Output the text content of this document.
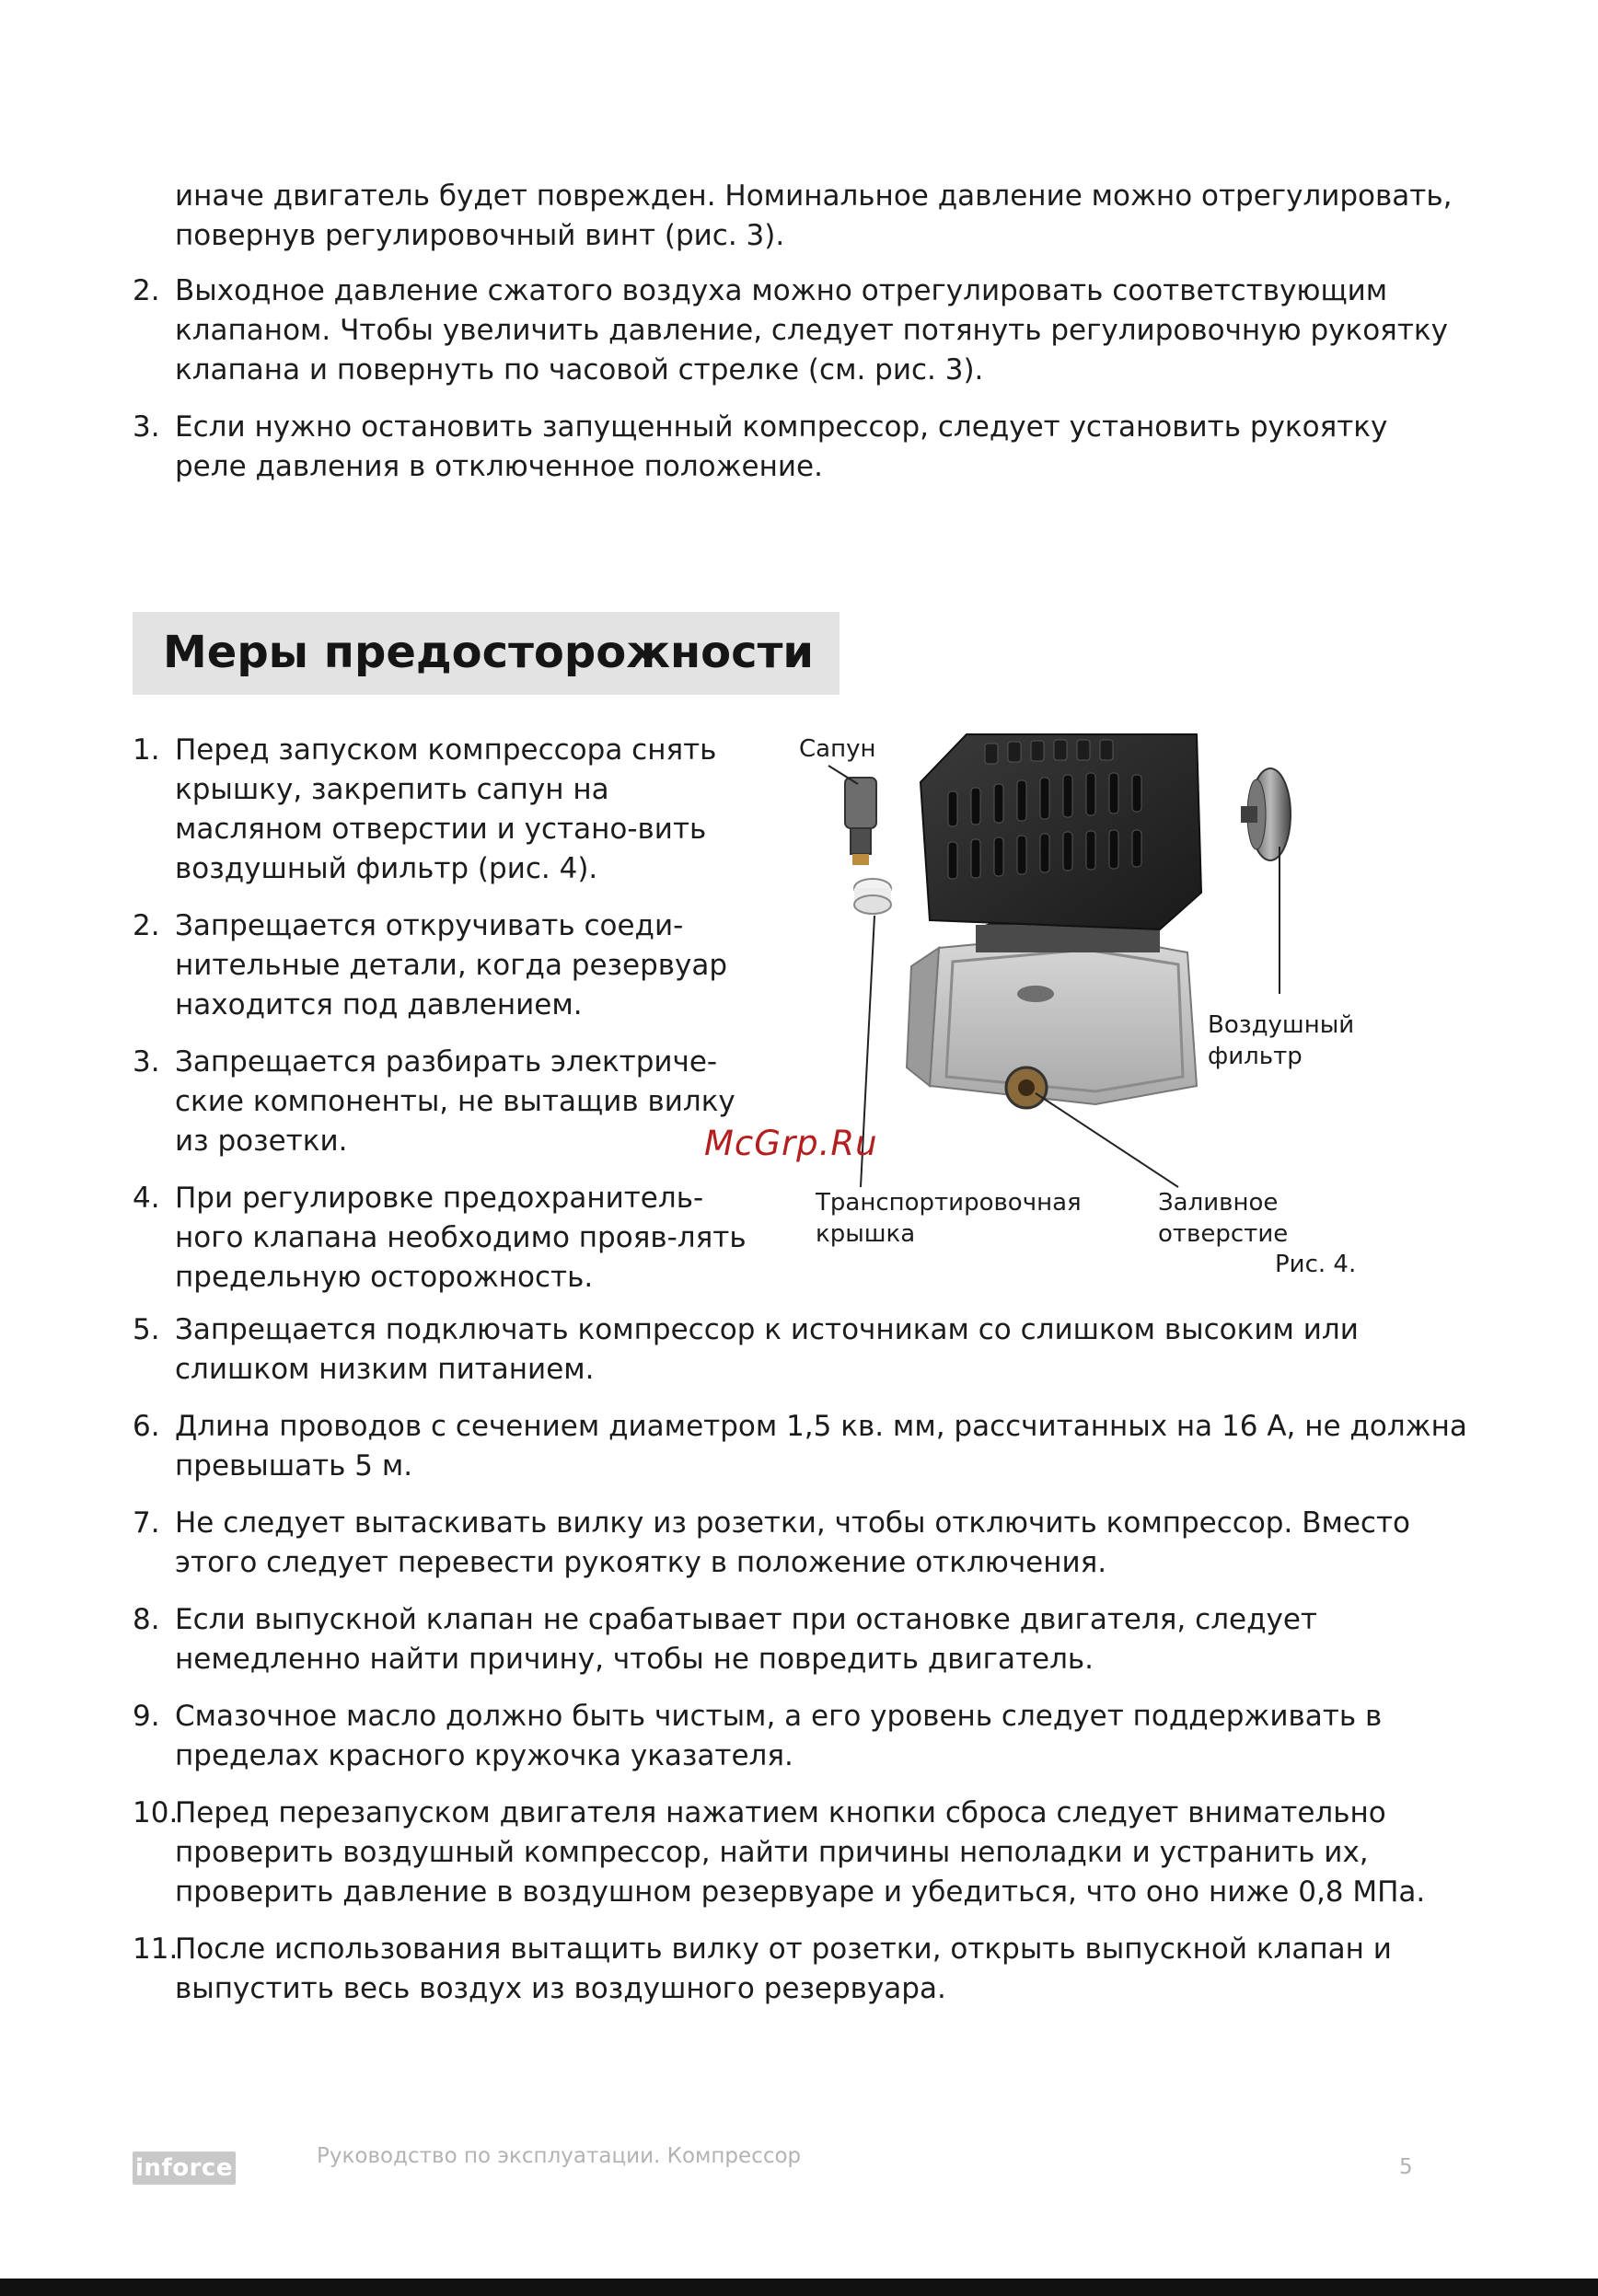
иначе двигатель будет поврежден. Номинальное давление можно отрегулировать, повернув регулировочный винт (рис. 3).
2. Выходное давление сжатого воздуха можно отрегулировать соответствующим клапаном. Чтобы увеличить давление, следует потянуть регулировочную рукоятку клапана и повернуть по часовой стрелке (см. рис. 3).
3. Если нужно остановить запущенный компрессор, следует установить рукоятку реле давления в отключенное положение.
Меры предосторожности
1. Перед запуском компрессора снять крышку, закрепить сапун на масляном отверстии и устано-вить воздушный фильтр (рис. 4).
2. Запрещается откручивать соеди-нительные детали, когда резервуар находится под давлением.
3. Запрещается разбирать электриче-ские компоненты, не вытащив вилку из розетки.
4. При регулировке предохранитель-ного клапана необходимо прояв-лять предельную осторожность.
Сапун
Воздушный
фильтр
Транспортировочная
крышка
Заливное
отверстие
Рис. 4.
McGrp.Ru
5. Запрещается подключать компрессор к источникам со слишком высоким или слишком низким питанием.
6. Длина проводов с сечением диаметром 1,5 кв. мм, рассчитанных на 16 А, не должна превышать 5 м.
7. Не следует вытаскивать вилку из розетки, чтобы отключить компрессор. Вместо этого следует перевести рукоятку в положение отключения.
8. Если выпускной клапан не срабатывает при остановке двигателя, следует немедленно найти причину, чтобы не повредить двигатель.
9. Смазочное масло должно быть чистым, а его уровень следует поддерживать в пределах красного кружочка указателя.
10.
Перед перезапуском двигателя нажатием кнопки сброса следует внимательно проверить воздушный компрессор, найти причины неполадки и устранить их, проверить давление в воздушном резервуаре и убедиться, что оно ниже 0,8 МПа.
11.
После использования вытащить вилку от розетки, открыть выпускной клапан и выпустить весь воздух из воздушного резервуара.
inforce	Руководство по эксплуатации. Компрессор	5
